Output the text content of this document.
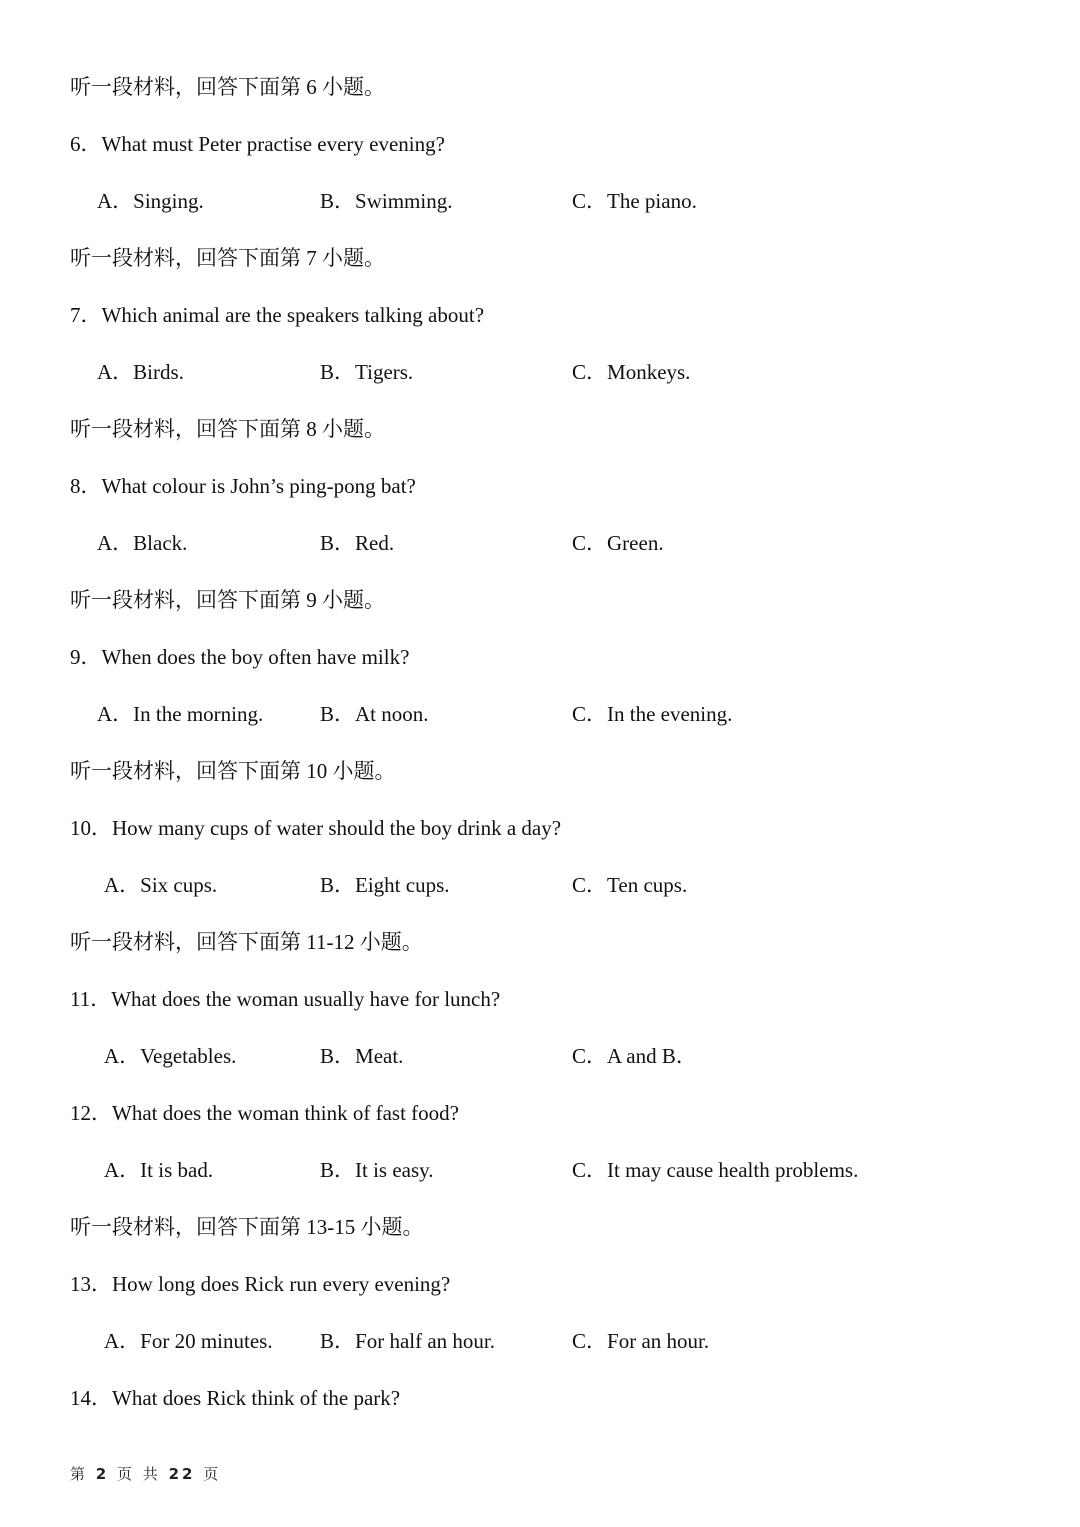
听一段材料，回答下面第 6 小题。
6．What must Peter practise every evening?
A．Singing.	B．Swimming.	C．The piano.
听一段材料，回答下面第 7 小题。
7．Which animal are the speakers talking about?
A．Birds.	B．Tigers.	C．Monkeys.
听一段材料，回答下面第 8 小题。
8．What colour is John’s ping-pong bat?
A．Black.	B．Red.	C．Green.
听一段材料，回答下面第 9 小题。
9．When does the boy often have milk?
A．In the morning.	B．At noon.	C．In the evening.
听一段材料，回答下面第 10 小题。
10．How many cups of water should the boy drink a day?
A．Six cups.	B．Eight cups.	C．Ten cups.
听一段材料，回答下面第 11-12 小题。
11．What does the woman usually have for lunch?
A．Vegetables.	B．Meat.	C．A and B．
12．What does the woman think of fast food?
A．It is bad.	B．It is easy.	C．It may cause health problems.
听一段材料，回答下面第 13-15 小题。
13．How long does Rick run every evening?
A．For 20 minutes. B．For half an hour.	C．For an hour.
14．What does Rick think of the park?
第 2 页 共 22 页
